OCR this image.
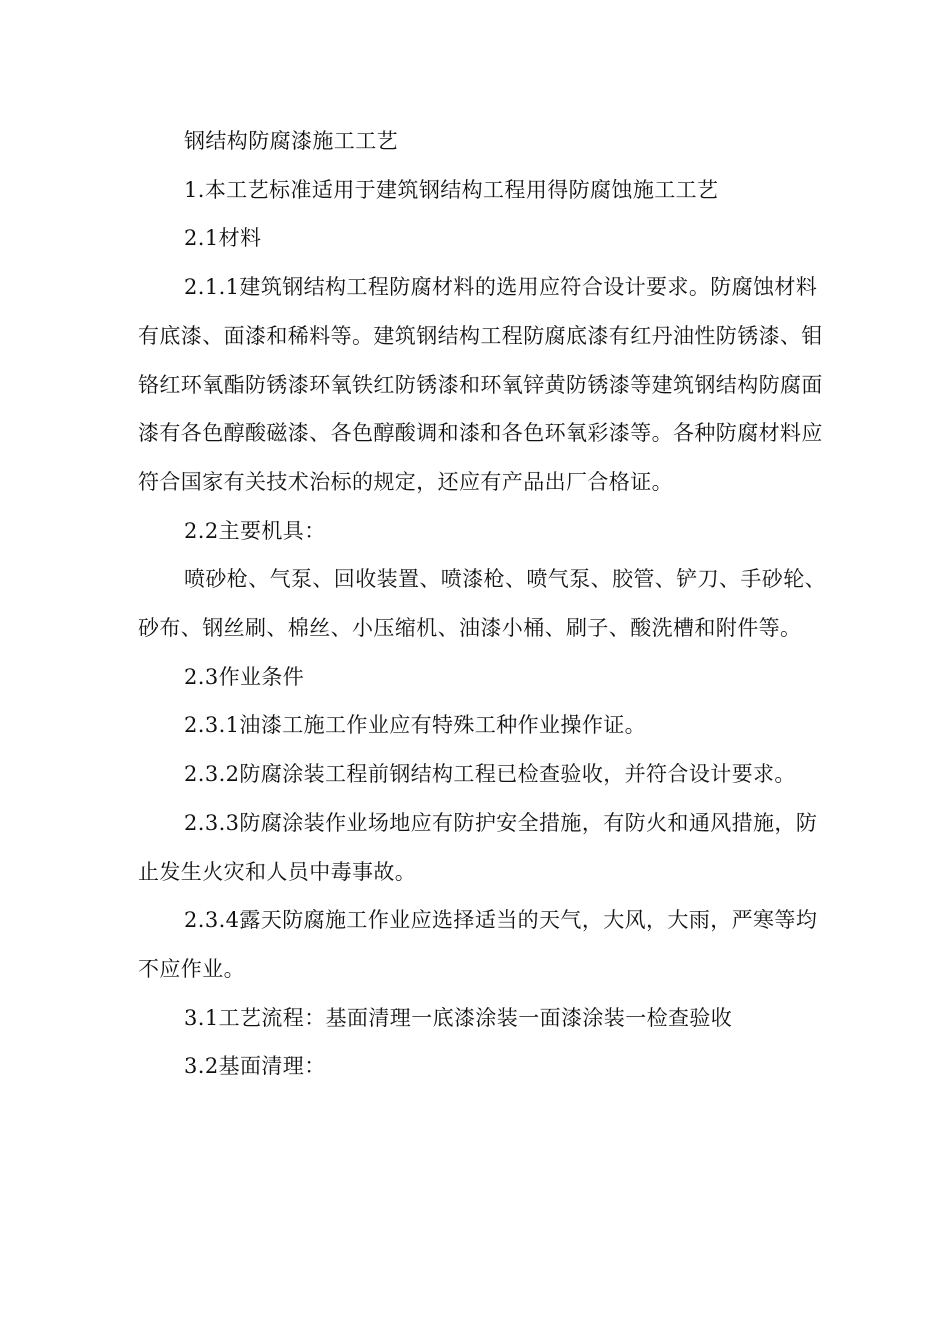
钢结构防腐漆施工工艺

1.本工艺标准适用于建筑钢结构工程用得防腐蚀施工工艺

2.1材料

2.1.1建筑钢结构工程防腐材料的选用应符合设计要求。防腐蚀材料有底漆、面漆和稀料等。建筑钢结构工程防腐底漆有红丹油性防锈漆、钼铬红环氧酯防锈漆环氧铁红防锈漆和环氧锌黄防锈漆等建筑钢结构防腐面漆有各色醇酸磁漆、各色醇酸调和漆和各色环氧彩漆等。各种防腐材料应符合国家有关技术治标的规定，还应有产品出厂合格证。

2.2主要机具：

喷砂枪、气泵、回收装置、喷漆枪、喷气泵、胶管、铲刀、手砂轮、砂布、钢丝刷、棉丝、小压缩机、油漆小桶、刷子、酸洗槽和附件等。

2.3作业条件

2.3.1油漆工施工作业应有特殊工种作业操作证。

2.3.2防腐涂装工程前钢结构工程已检查验收，并符合设计要求。

2.3.3防腐涂装作业场地应有防护安全措施，有防火和通风措施，防止发生火灾和人员中毒事故。

2.3.4露天防腐施工作业应选择适当的天气，大风，大雨，严寒等均不应作业。

3.1工艺流程：基面清理一底漆涂装一面漆涂装一检查验收

3.2基面清理：
